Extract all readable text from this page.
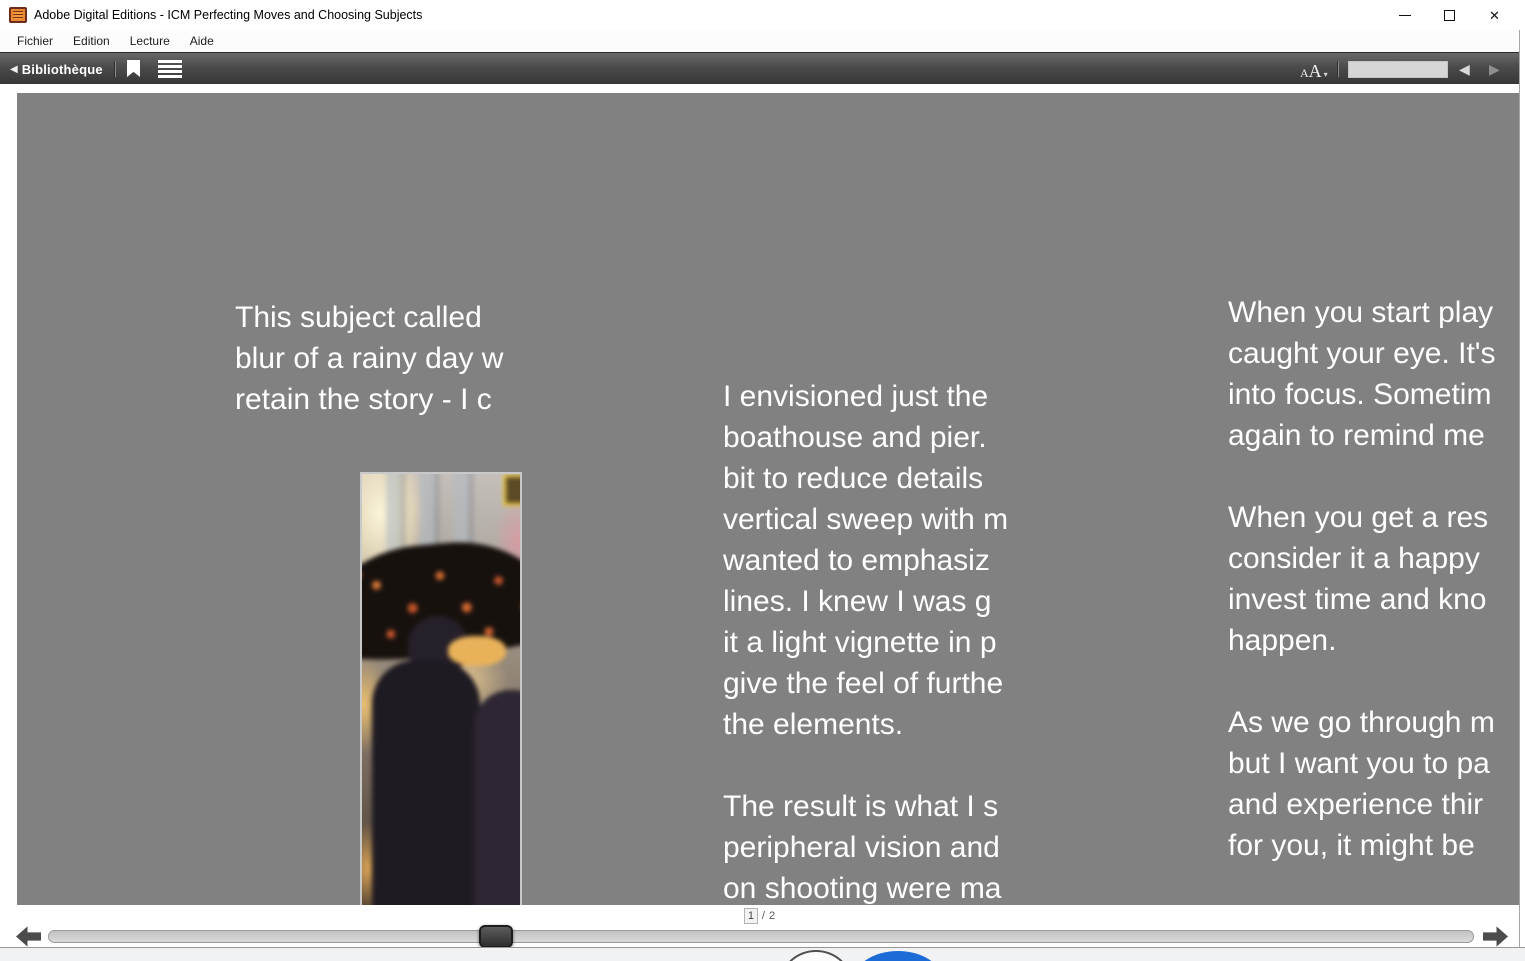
Adobe Digital Editions - ICM Perfecting Moves and Choosing Subjects	✕
Fichier	Edition	Lecture	Aide
◀ Bibliothèque	A A ▾	◀ ▶
This subject called
blur of a rainy day w
retain the story - I c	I envisioned just the
boathouse and pier.
bit to reduce details
vertical sweep with m
wanted to emphasiz
lines. I knew I was g
it a light vignette in p
give the feel of furthe
the elements.
The result is what I s
peripheral vision and
on shooting were ma
When you start play
caught your eye. It's
into focus. Sometim
again to remind me
When you get a res
consider it a happy
invest time and kno
happen.
As we go through m
but I want you to pa
and experience thir
for you, it might be
1 / 2
